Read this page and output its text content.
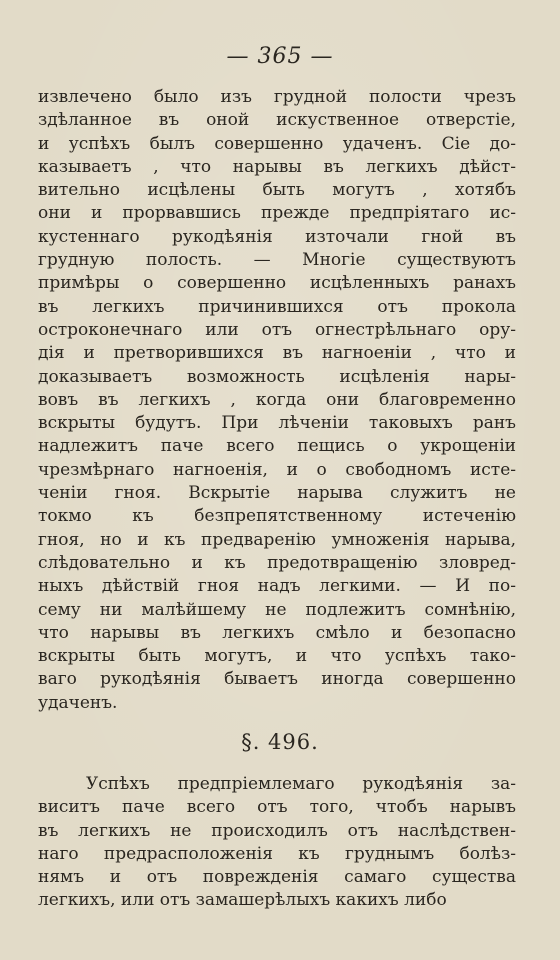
— 365 —
извлечено было изъ грудной полости чрезъ
здѣланное въ оной искуственное отверстіе,
и успѣхъ былъ совершенно удаченъ. Сіе до-
казываетъ , что нарывы въ легкихъ дѣйст-
вительно исцѣлены быть могутъ , хотябъ
они и прорвавшись прежде предпріятаго ис-
кустеннаго рукодѣянія източали гной въ
грудную полость. — Многіе существуютъ
примѣры о совершенно исцѣленныхъ ранахъ
въ легкихъ причинившихся отъ прокола
остроконечнаго или отъ огнестрѣльнаго ору-
дія и претворившихся въ нагноеніи , что и
доказываетъ возможность исцѣленія нары-
вовъ въ легкихъ , когда они благовременно
вскрыты будутъ. При лѣченіи таковыхъ ранъ
надлежитъ паче всего пещись о укрощеніи
чрезмѣрнаго нагноенія, и о свободномъ исте-
ченіи гноя. Вскрытіе нарыва служитъ не
токмо къ безпрепятственному истеченію
гноя, но и къ предваренію умноженія нарыва,
слѣдовательно и къ предотвращенію зловред-
ныхъ дѣйствій гноя надъ легкими. — И по-
сему ни малѣйшему не подлежитъ сомнѣнію,
что нарывы въ легкихъ смѣло и безопасно
вскрыты быть могутъ, и что успѣхъ тако-
ваго рукодѣянія бываетъ иногда совершенно
удаченъ.
§. 496.
Успѣхъ предпріемлемаго рукодѣянія за-
виситъ паче всего отъ того, чтобъ нарывъ
въ легкихъ не происходилъ отъ наслѣдствен-
наго предрасположенія къ груднымъ болѣз-
нямъ и отъ поврежденія самаго существа
легкихъ, или отъ замашерѣлыхъ какихъ либо
